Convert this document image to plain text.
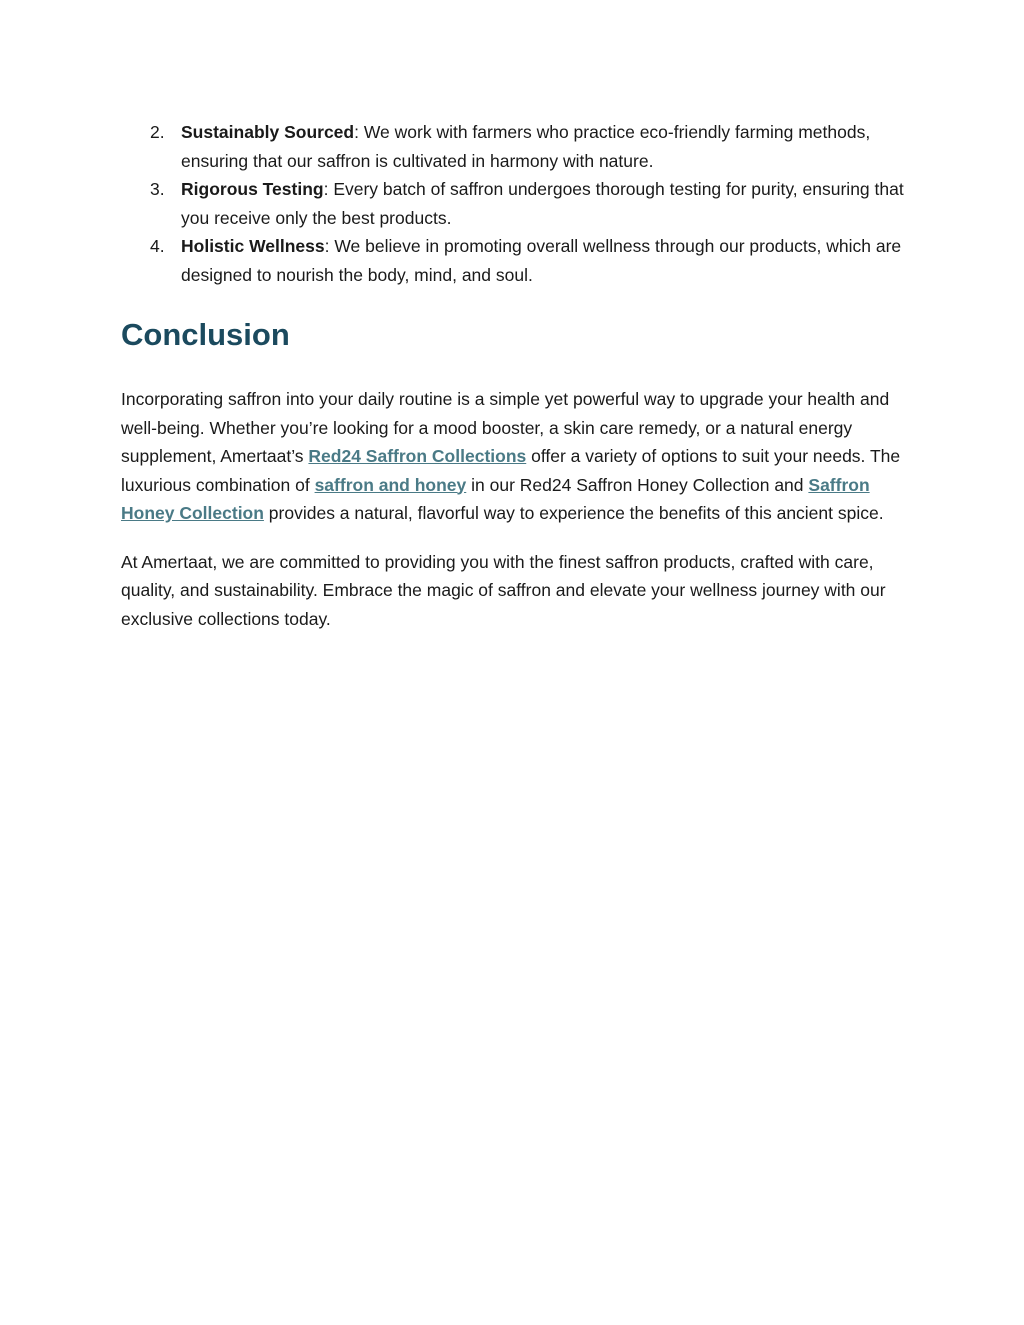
2. Sustainably Sourced: We work with farmers who practice eco-friendly farming methods, ensuring that our saffron is cultivated in harmony with nature.
3. Rigorous Testing: Every batch of saffron undergoes thorough testing for purity, ensuring that you receive only the best products.
4. Holistic Wellness: We believe in promoting overall wellness through our products, which are designed to nourish the body, mind, and soul.
Conclusion

Incorporating saffron into your daily routine is a simple yet powerful way to upgrade your health and well-being. Whether you’re looking for a mood booster, a skin care remedy, or a natural energy supplement, Amertaat’s Red24 Saffron Collections offer a variety of options to suit your needs. The luxurious combination of saffron and honey in our Red24 Saffron Honey Collection and Saffron Honey Collection provides a natural, flavorful way to experience the benefits of this ancient spice.

At Amertaat, we are committed to providing you with the finest saffron products, crafted with care, quality, and sustainability. Embrace the magic of saffron and elevate your wellness journey with our exclusive collections today.
